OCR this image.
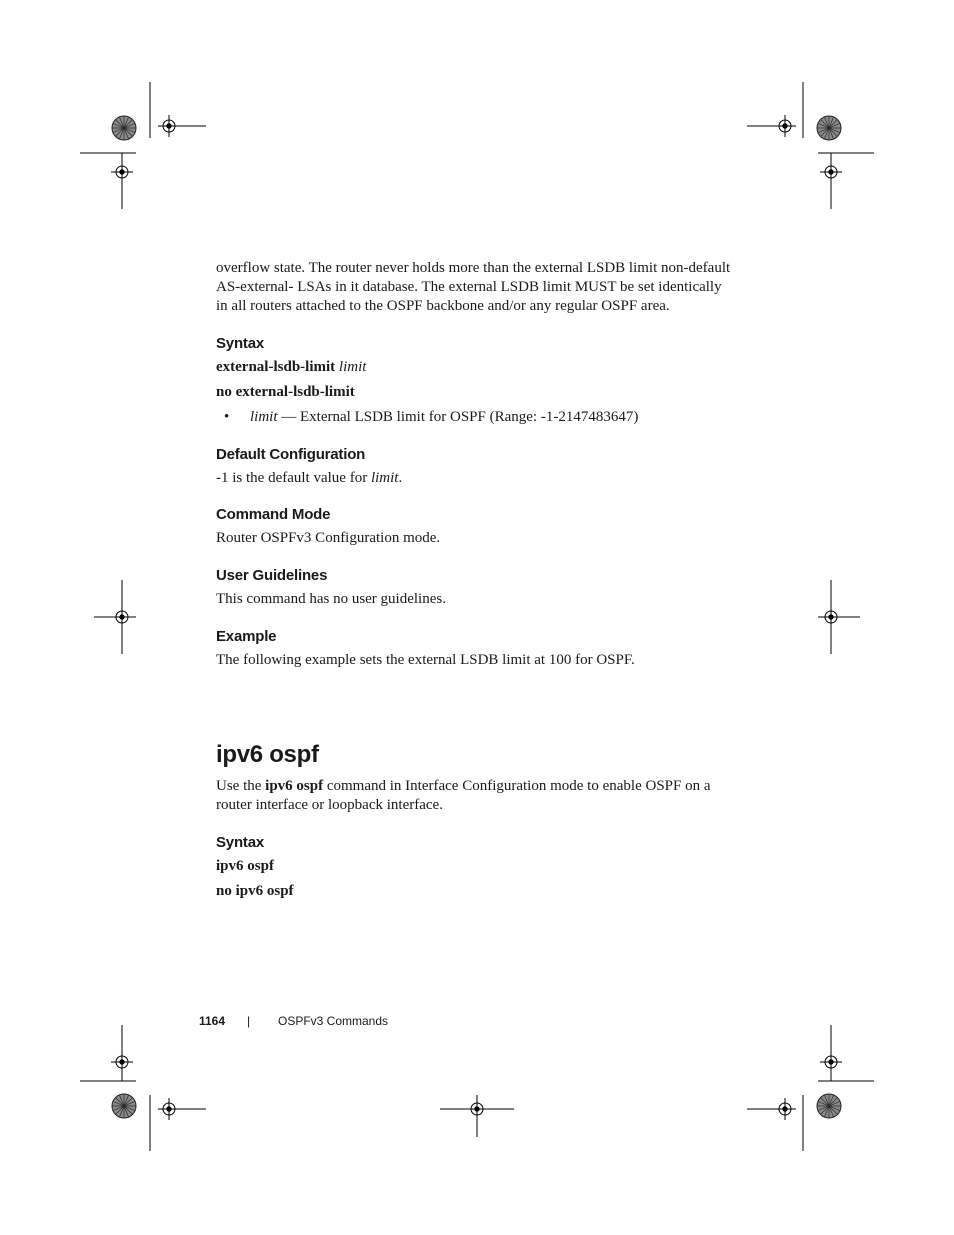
overflow state. The router never holds more than the external LSDB limit non-default AS-external- LSAs in it database. The external LSDB limit MUST be set identically in all routers attached to the OSPF backbone and/or any regular OSPF area.

Syntax

external-lsdb-limit limit

no external-lsdb-limit

• limit — External LSDB limit for OSPF (Range: -1-2147483647)

Default Configuration

-1 is the default value for limit.

Command Mode

Router OSPFv3 Configuration mode.

User Guidelines

This command has no user guidelines.

Example

The following example sets the external LSDB limit at 100 for OSPF.

ipv6 ospf

Use the ipv6 ospf command in Interface Configuration mode to enable OSPF on a router interface or loopback interface.

Syntax

ipv6 ospf

no ipv6 ospf

1164 | OSPFv3 Commands
